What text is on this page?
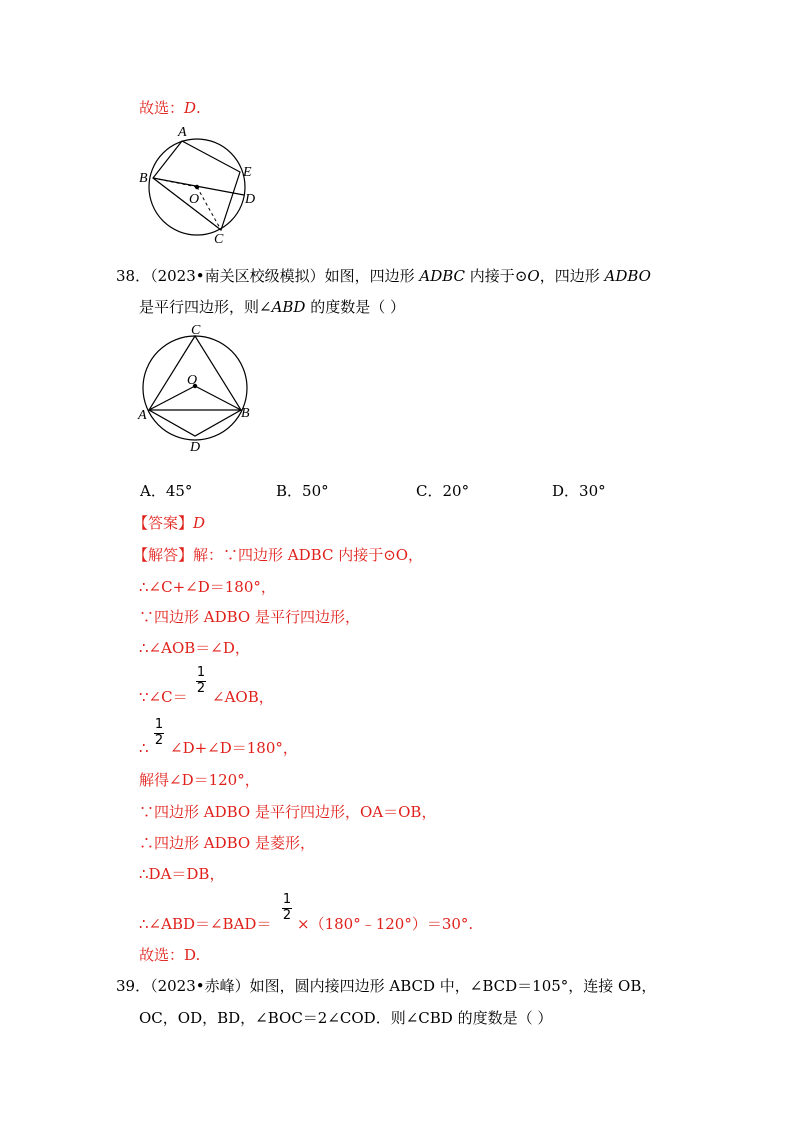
故选：D.
A
B	E
D
O
C
38．（2023•南关区校级模拟）如图，四边形 ADBC 内接于⊙O，四边形 ADBO
是平行四边形，则∠ABD 的度数是（ ）
C
O
A	B
D
A．45°	B．50°	C．20°	D．30°
【答案】D
【解答】解：∵四边形 ADBC 内接于⊙O，
∴∠C+∠D＝180°，
∵四边形 ADBO 是平行四边形，
∴∠AOB＝∠D，
∵∠C＝
1
2 ∠AOB，
∴
1
2 ∠D+∠D＝180°，
解得∠D＝120°，
∵四边形 ADBO 是平行四边形，OA＝OB，
∴四边形 ADBO 是菱形，
∴DA＝DB，
∴∠ABD＝∠BAD＝
1
2 ×（180°﹣120°）＝30°.
故选：D.
39．（2023•赤峰）如图，圆内接四边形 ABCD 中，∠BCD＝105°，连接 OB，
OC，OD，BD，∠BOC＝2∠COD．则∠CBD 的度数是（ ）
